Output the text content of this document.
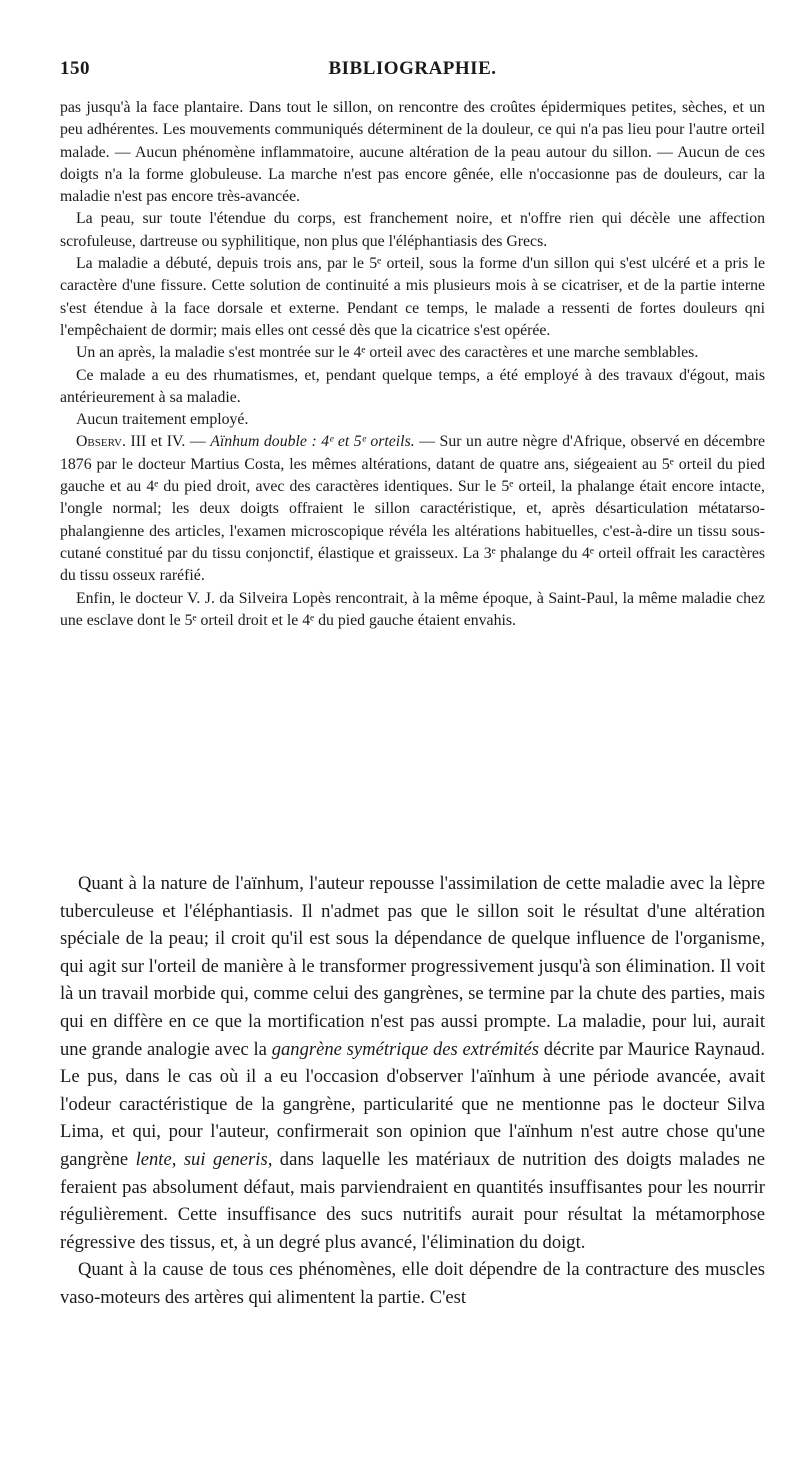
150	BIBLIOGRAPHIE.

pas jusqu'à la face plantaire. Dans tout le sillon, on rencontre des croûtes épidermiques petites, sèches, et un peu adhérentes. Les mouvements communiqués déterminent de la douleur, ce qui n'a pas lieu pour l'autre orteil malade. — Aucun phénomène inflammatoire, aucune altération de la peau autour du sillon. — Aucun de ces doigts n'a la forme globuleuse. La marche n'est pas encore gênée, elle n'occasionne pas de douleurs, car la maladie n'est pas encore très-avancée.

La peau, sur toute l'étendue du corps, est franchement noire, et n'offre rien qui décèle une affection scrofuleuse, dartreuse ou syphilitique, non plus que l'éléphantiasis des Grecs.

La maladie a débuté, depuis trois ans, par le 5ᵉ orteil, sous la forme d'un sillon qui s'est ulcéré et a pris le caractère d'une fissure. Cette solution de continuité a mis plusieurs mois à se cicatriser, et de la partie interne s'est étendue à la face dorsale et externe. Pendant ce temps, le malade a ressenti de fortes douleurs qni l'empêchaient de dormir; mais elles ont cessé dès que la cicatrice s'est opérée.

Un an après, la maladie s'est montrée sur le 4ᵉ orteil avec des caractères et une marche semblables.

Ce malade a eu des rhumatismes, et, pendant quelque temps, a été employé à des travaux d'égout, mais antérieurement à sa maladie.

Aucun traitement employé.

Observ. III et IV. — Aïnhum double : 4ᵉ et 5ᵉ orteils. — Sur un autre nègre d'Afrique, observé en décembre 1876 par le docteur Martius Costa, les mêmes altérations, datant de quatre ans, siégeaient au 5ᵉ orteil du pied gauche et au 4ᵉ du pied droit, avec des caractères identiques. Sur le 5ᵉ orteil, la phalange était encore intacte, l'ongle normal; les deux doigts offraient le sillon caractéristique, et, après désarticulation métatarso-phalangienne des articles, l'examen microscopique révéla les altérations habituelles, c'est-à-dire un tissu sous-cutané constitué par du tissu conjonctif, élastique et graisseux. La 3ᵉ phalange du 4ᵉ orteil offrait les caractères du tissu osseux raréfié.

Enfin, le docteur V. J. da Silveira Lopès rencontrait, à la même époque, à Saint-Paul, la même maladie chez une esclave dont le 5ᵉ orteil droit et le 4ᵉ du pied gauche étaient envahis.

Quant à la nature de l'aïnhum, l'auteur repousse l'assimilation de cette maladie avec la lèpre tuberculeuse et l'éléphantiasis. Il n'admet pas que le sillon soit le résultat d'une altération spéciale de la peau; il croit qu'il est sous la dépendance de quelque influence de l'organisme, qui agit sur l'orteil de manière à le transformer progressivement jusqu'à son élimination. Il voit là un travail morbide qui, comme celui des gangrènes, se termine par la chute des parties, mais qui en diffère en ce que la mortification n'est pas aussi prompte. La maladie, pour lui, aurait une grande analogie avec la gangrène symétrique des extrémités décrite par Maurice Raynaud. Le pus, dans le cas où il a eu l'occasion d'observer l'aïnhum à une période avancée, avait l'odeur caractéristique de la gangrène, particularité que ne mentionne pas le docteur Silva Lima, et qui, pour l'auteur, confirmerait son opinion que l'aïnhum n'est autre chose qu'une gangrène lente, sui generis, dans laquelle les matériaux de nutrition des doigts malades ne feraient pas absolument défaut, mais parviendraient en quantités insuffisantes pour les nourrir régulièrement. Cette insuffisance des sucs nutritifs aurait pour résultat la métamorphose régressive des tissus, et, à un degré plus avancé, l'élimination du doigt.

Quant à la cause de tous ces phénomènes, elle doit dépendre de la contracture des muscles vaso-moteurs des artères qui alimentent la partie. C'est
